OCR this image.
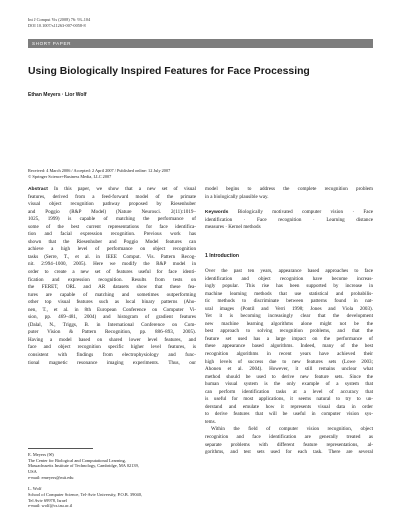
Int J Comput Vis (2008) 76: 93–104
DOI 10.1007/s11263-007-0058-8
SHORT PAPER
Using Biologically Inspired Features for Face Processing
Ethan Meyers · Lior Wolf
Received: 4 March 2006 / Accepted: 2 April 2007 / Published online: 12 July 2007
© Springer Science+Business Media, LLC 2007
Abstract In this paper, we show that a new set of visual
features, derived from a feed-forward model of the primate
visual object recognition pathway proposed by Riesenhuber
and Poggio (R&P Model) (Nature Neurosci. 2(11):1019–
1025, 1999) is capable of matching the performance of
some of the best current representations for face identifica-
tion and facial expression recognition. Previous work has
shown that the Riesenhuber and Poggio Model features can
achieve a high level of performance on object recognition
tasks (Serre, T., et al. in IEEE Comput. Vis. Pattern Recog-
nit. 2:994–1000, 2005). Here we modify the R&P model in
order to create a new set of features useful for face identi-
fication and expression recognition. Results from tests on
the FERET, ORL and AR datasets show that these fea-
tures are capable of matching and sometimes outperforming
other top visual features such as local binary patterns (Aho-
nen, T., et al. in 8th European Conference on Computer Vi-
sion, pp. 469–481, 2004) and histogram of gradient features
(Dalal, N., Triggs, B. in International Conference on Com-
puter Vision & Pattern Recognition, pp. 886–893, 2005).
Having a model based on shared lower level features, and
face and object recognition specific higher level features, is
consistent with findings from electrophysiology and func-
tional magnetic resonance imaging experiments. Thus, our
E. Meyers (✉)
The Center for Biological and Computational Learning,
Massachusetts Institute of Technology, Cambridge, MA 02139,
USA
e-mail: emeyers@mit.edu
L. Wolf
School of Computer Science, Tel-Aviv University, P.O.B. 39040,
Tel Aviv 69978, Israel
e-mail: wolf@cs.tau.ac.il
model begins to address the complete recognition problem
in a biologically plausible way.
Keywords Biologically motivated computer vision · Face
identification · Face recognition · Learning distance
measures · Kernel methods
1 Introduction
Over the past ten years, appearance based approaches to face
identification and object recognition have become increas-
ingly popular. This rise has been supported by increase in
machine learning methods that use statistical and probabilis-
tic methods to discriminate between patterns found in nat-
ural images (Pontil and Verri 1998; Jones and Viola 2003).
Yet it is becoming increasingly clear that the development
new machine learning algorithms alone might not be the
best approach to solving recognition problems, and that the
feature set used has a large impact on the performance of
these appearance based algorithms. Indeed, many of the best
recognition algorithms in recent years have achieved their
high levels of success due to new features sets (Lowe 2003;
Ahonen et al. 2004). However, it still remains unclear what
method should be used to derive new feature sets. Since the
human visual system is the only example of a system that
can perform identification tasks at a level of accuracy that
is useful for most applications, it seems natural to try to un-
derstand and emulate how it represents visual data in order
to derive features that will be useful in computer vision sys-
tems.
Within the field of computer vision recognition, object
recognition and face identification are generally treated as
separate problems with different feature representations, al-
gorithms, and test sets used for each task. There are several
